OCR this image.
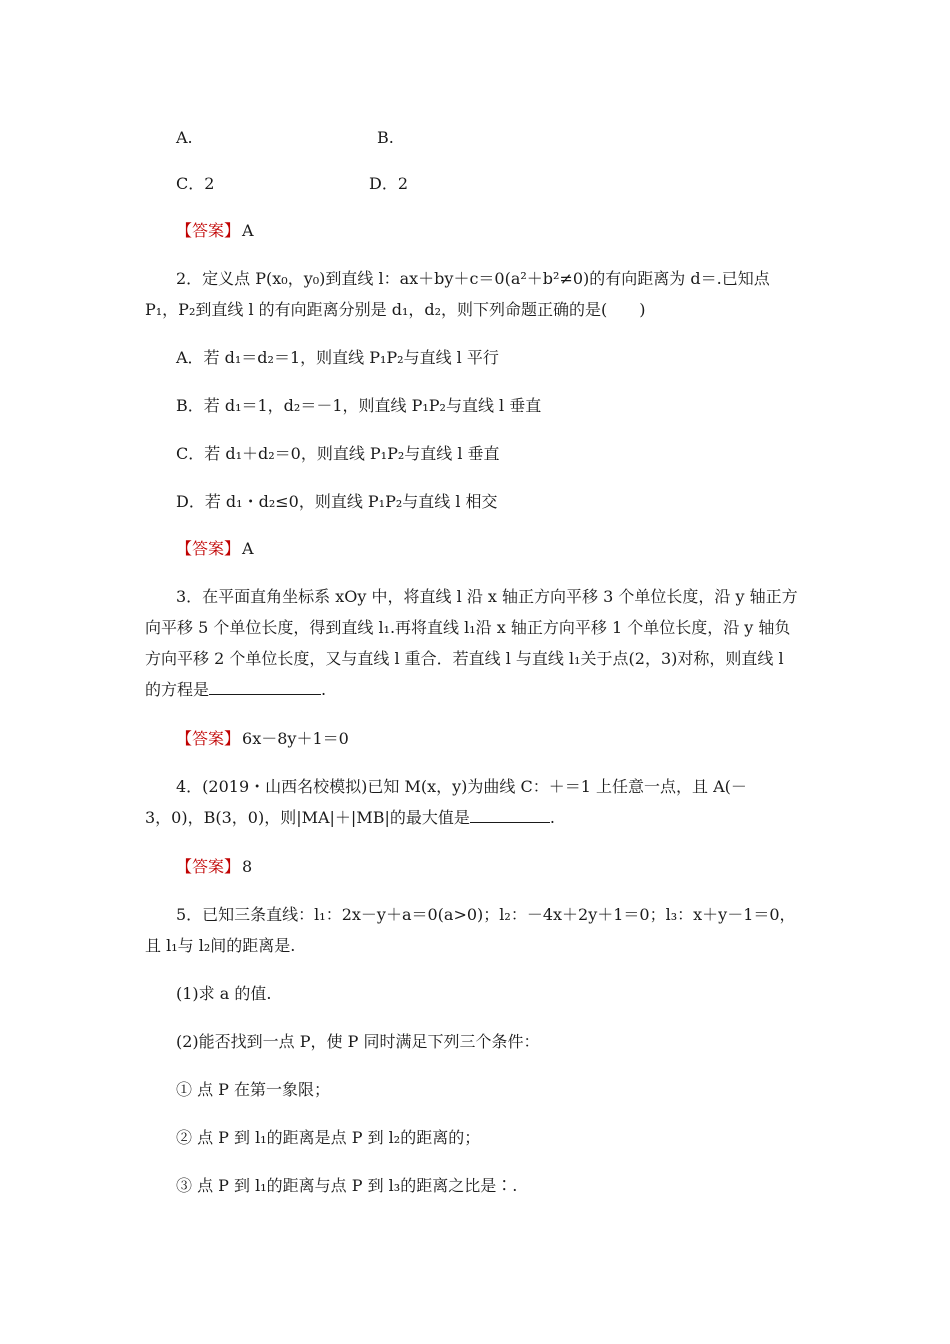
A.	B.
C．2	D．2
【答案】 A
2．定义点 P(x₀，y₀)到直线 l：ax＋by＋c＝0(a²＋b²≠0)的有向距离为 d＝.已知点
P₁，P₂到直线 l 的有向距离分别是 d₁，d₂，则下列命题正确的是(　　)
A．若 d₁＝d₂＝1，则直线 P₁P₂与直线 l 平行
B．若 d₁＝1，d₂＝－1，则直线 P₁P₂与直线 l 垂直
C．若 d₁＋d₂＝0，则直线 P₁P₂与直线 l 垂直
D．若 d₁・d₂≤0，则直线 P₁P₂与直线 l 相交
【答案】 A
3．在平面直角坐标系 xOy 中，将直线 l 沿 x 轴正方向平移 3 个单位长度，沿 y 轴正方
向平移 5 个单位长度，得到直线 l₁.再将直线 l₁沿 x 轴正方向平移 1 个单位长度，沿 y 轴负
方向平移 2 个单位长度，又与直线 l 重合．若直线 l 与直线 l₁关于点(2，3)对称，则直线 l
的方程是	.
【答案】 6x－8y＋1＝0
4．(2019・山西名校模拟)已知 M(x，y)为曲线 C：＋＝1 上任意一点，且 A(－
3，0)，B(3，0)，则|MA|＋|MB|的最大值是	.
【答案】 8
5．已知三条直线：l₁：2x－y＋a＝0(a>0)；l₂：－4x＋2y＋1＝0；l₃：x＋y－1＝0，
且 l₁与 l₂间的距离是.
(1)求 a 的值.
(2)能否找到一点 P，使 P 同时满足下列三个条件：
① 点 P 在第一象限；
② 点 P 到 l₁的距离是点 P 到 l₂的距离的；
③ 点 P 到 l₁的距离与点 P 到 l₃的距离之比是∶.
